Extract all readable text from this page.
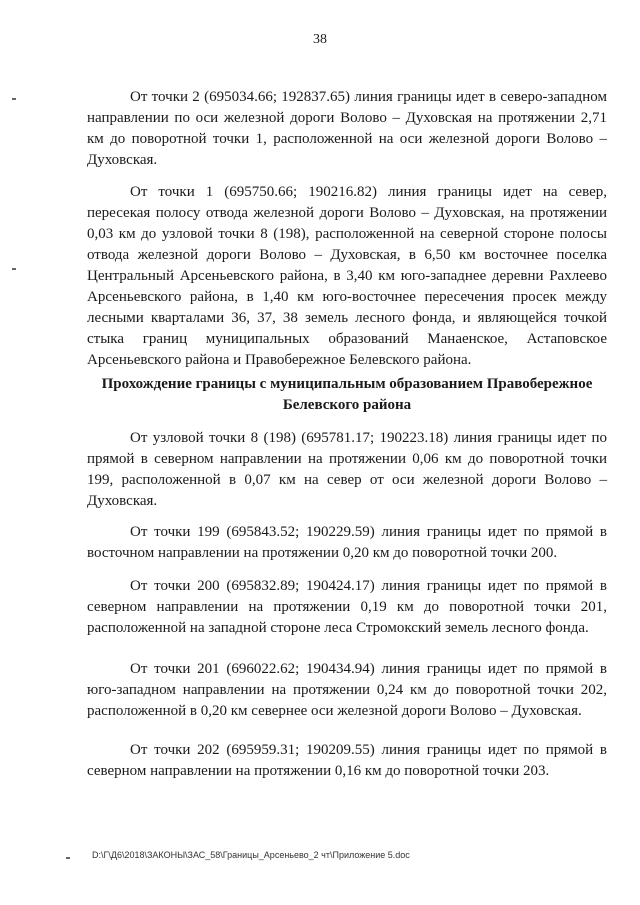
38

От точки 2 (695034.66; 192837.65) линия границы идет в северо-западном направлении по оси железной дороги Волово – Духовская на протяжении 2,71 км до поворотной точки 1, расположенной на оси железной дороги Волово – Духовская.

От точки 1 (695750.66; 190216.82) линия границы идет на север, пересекая полосу отвода железной дороги Волово – Духовская, на протяжении 0,03 км до узловой точки 8 (198), расположенной на северной стороне полосы отвода железной дороги Волово – Духовская, в 6,50 км восточнее поселка Центральный Арсеньевского района, в 3,40 км юго-западнее деревни Рахлеево Арсеньевского района, в 1,40 км юго-восточнее пересечения просек между лесными кварталами 36, 37, 38 земель лесного фонда, и являющейся точкой стыка границ муниципальных образований Манаенское, Астаповское Арсеньевского района и Правобережное Белевского района.

Прохождение границы с муниципальным образованием Правобережное Белевского района

От узловой точки 8 (198) (695781.17; 190223.18) линия границы идет по прямой в северном направлении на протяжении 0,06 км до поворотной точки 199, расположенной в 0,07 км на север от оси железной дороги Волово – Духовская.

От точки 199 (695843.52; 190229.59) линия границы идет по прямой в восточном направлении на протяжении 0,20 км до поворотной точки 200.

От точки 200 (695832.89; 190424.17) линия границы идет по прямой в северном направлении на протяжении 0,19 км до поворотной точки 201, расположенной на западной стороне леса Стромокский земель лесного фонда.

От точки 201 (696022.62; 190434.94) линия границы идет по прямой в юго-западном направлении на протяжении 0,24 км до поворотной точки 202, расположенной в 0,20 км севернее оси железной дороги Волово – Духовская.

От точки 202 (695959.31; 190209.55) линия границы идет по прямой в северном направлении на протяжении 0,16 км до поворотной точки 203.

D:\Г\Д6\2018\ЗАКОНЫ\ЗАС_58\Границы_Арсеньево_2 чт\Приложение 5.doc
